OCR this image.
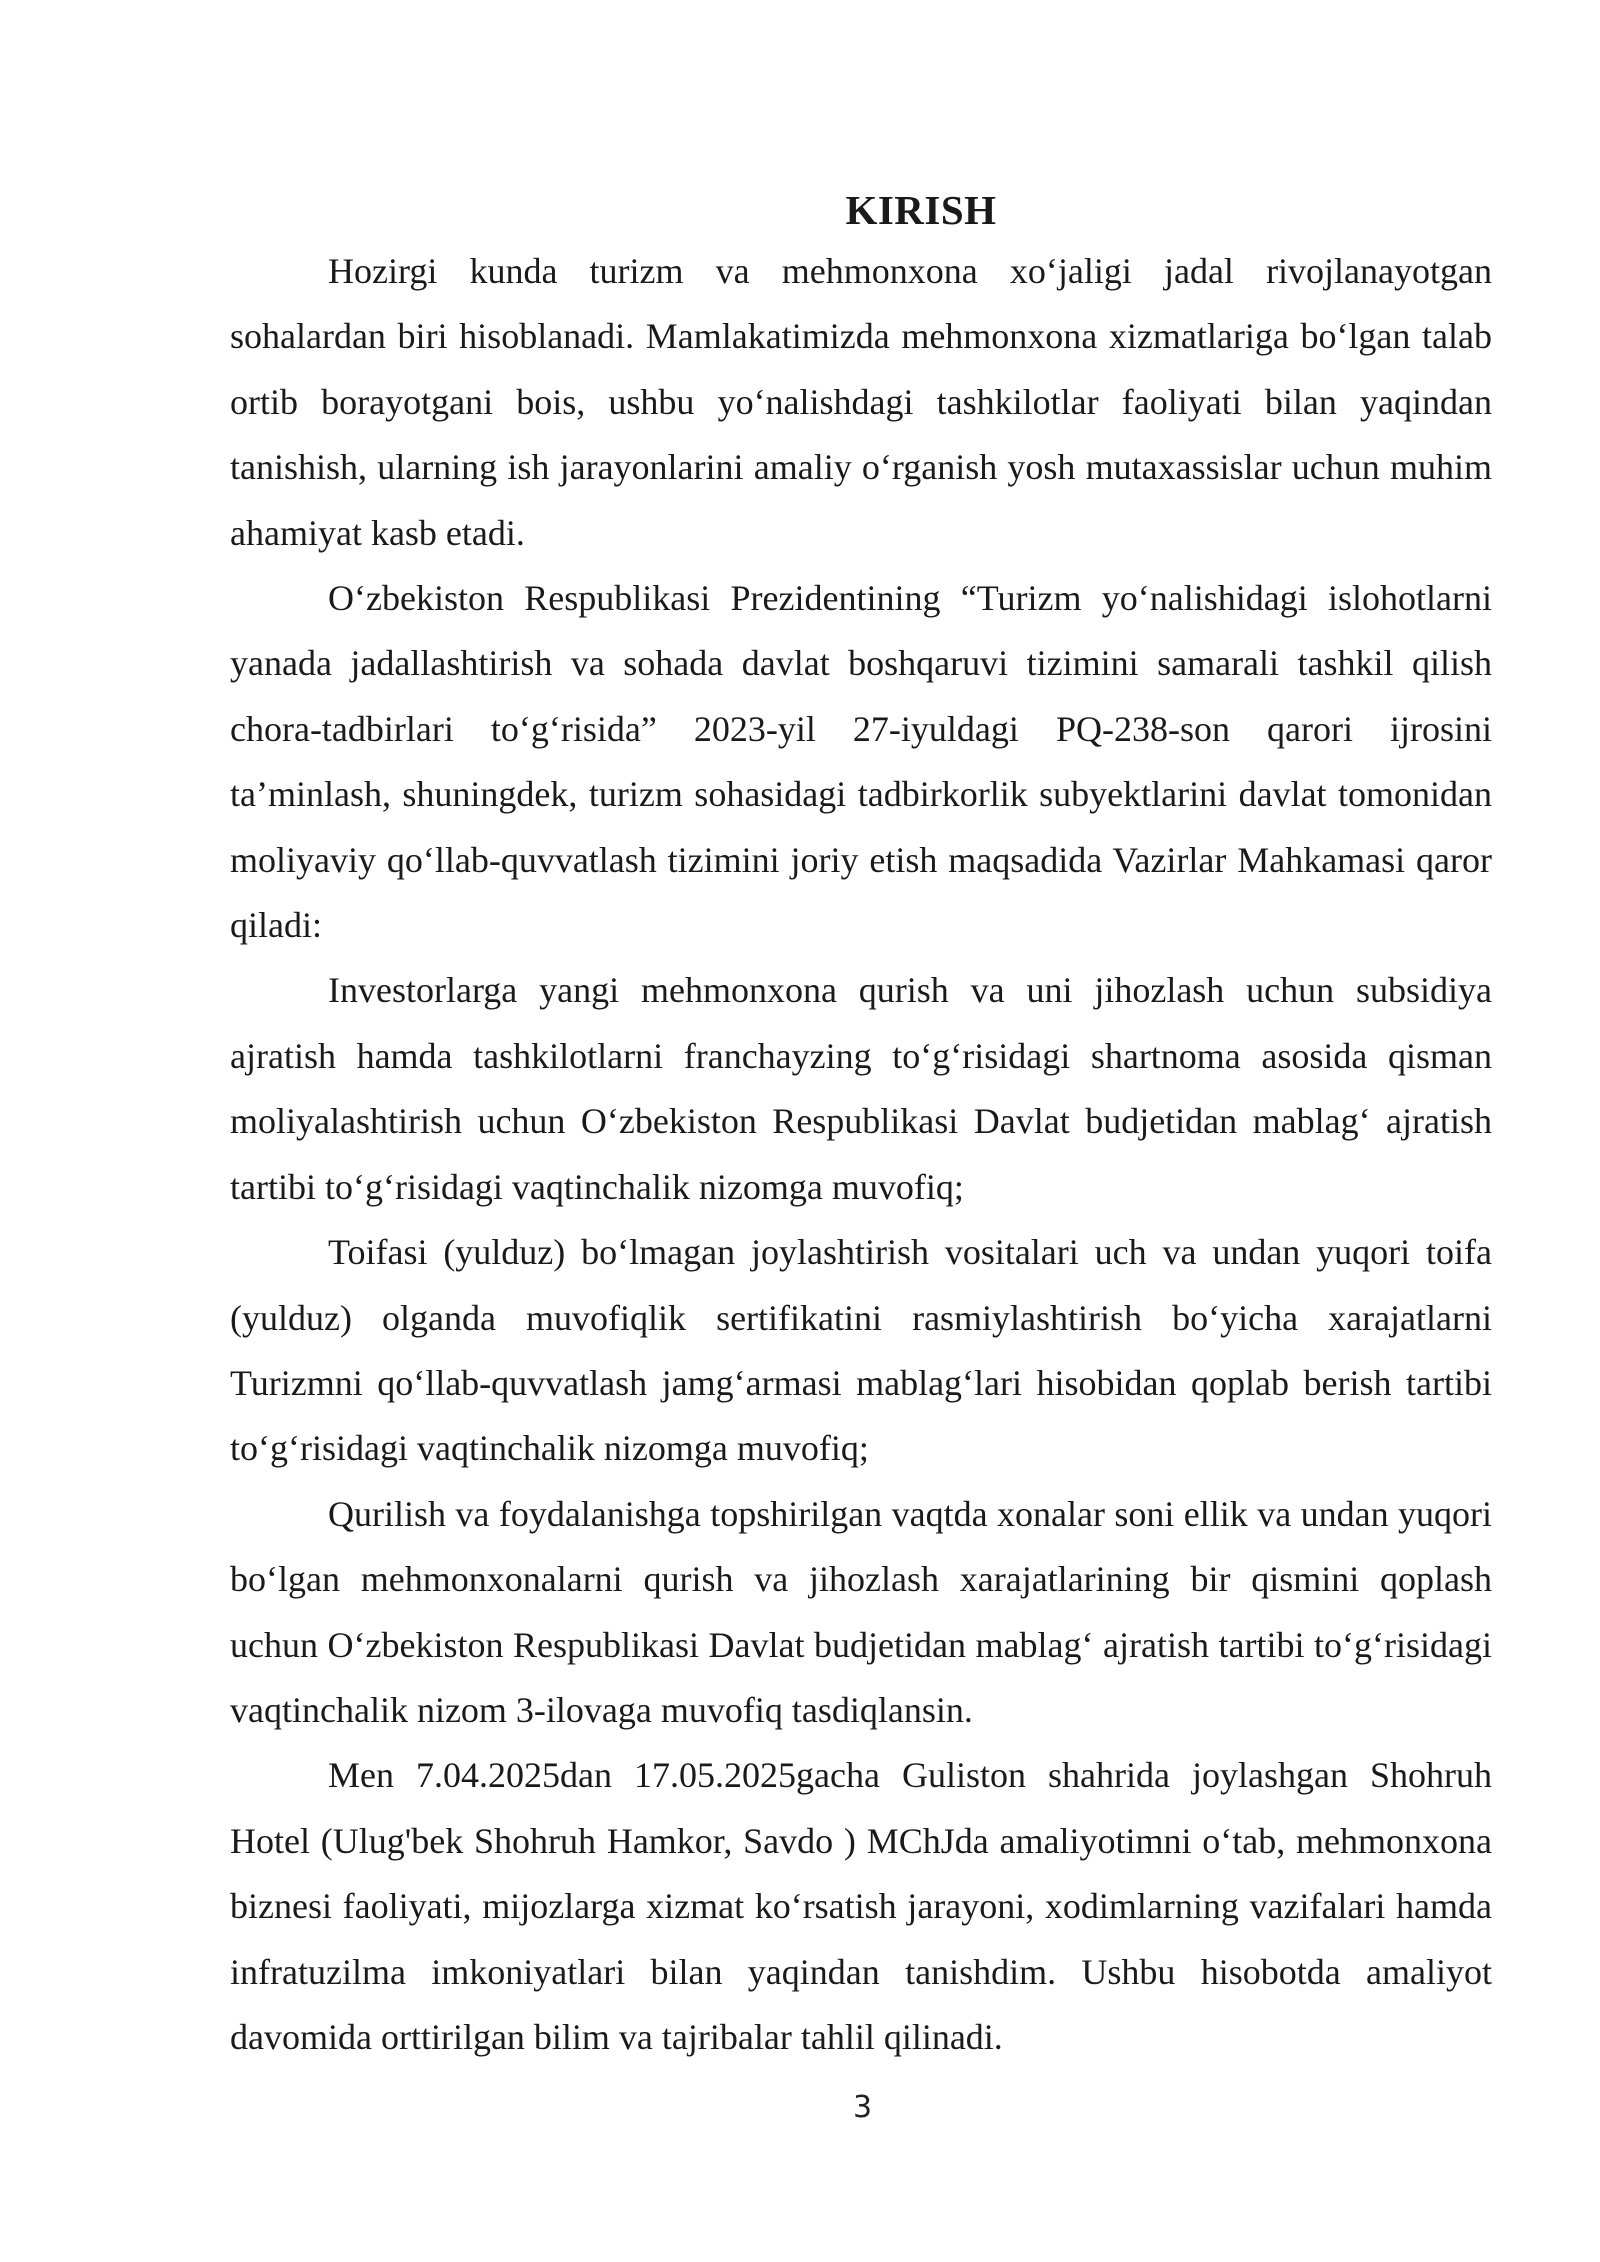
KIRISH

Hozirgi kunda turizm va mehmonxona xo‘jaligi jadal rivojlanayotgan sohalardan biri hisoblanadi. Mamlakatimizda mehmonxona xizmatlariga bo‘lgan talab ortib borayotgani bois, ushbu yo‘nalishdagi tashkilotlar faoliyati bilan yaqindan tanishish, ularning ish jarayonlarini amaliy o‘rganish yosh mutaxassislar uchun muhim ahamiyat kasb etadi.

O‘zbekiston Respublikasi Prezidentining “Turizm yo‘nalishidagi islohotlarni yanada jadallashtirish va sohada davlat boshqaruvi tizimini samarali tashkil qilish chora-tadbirlari to‘g‘risida” 2023-yil 27-iyuldagi PQ-238-son qarori ijrosini ta’minlash, shuningdek, turizm sohasidagi tadbirkorlik subyektlarini davlat tomonidan moliyaviy qo‘llab-quvvatlash tizimini joriy etish maqsadida Vazirlar Mahkamasi qaror qiladi:

Investorlarga yangi mehmonxona qurish va uni jihozlash uchun subsidiya ajratish hamda tashkilotlarni franchayzing to‘g‘risidagi shartnoma asosida qisman moliyalashtirish uchun O‘zbekiston Respublikasi Davlat budjetidan mablag‘ ajratish tartibi to‘g‘risidagi vaqtinchalik nizomga muvofiq;

Toifasi (yulduz) bo‘lmagan joylashtirish vositalari uch va undan yuqori toifa (yulduz) olganda muvofiqlik sertifikatini rasmiylashtirish bo‘yicha xarajatlarni Turizmni qo‘llab-quvvatlash jamg‘armasi mablag‘lari hisobidan qoplab berish tartibi to‘g‘risidagi vaqtinchalik nizomga muvofiq;

Qurilish va foydalanishga topshirilgan vaqtda xonalar soni ellik va undan yuqori bo‘lgan mehmonxonalarni qurish va jihozlash xarajatlarining bir qismini qoplash uchun O‘zbekiston Respublikasi Davlat budjetidan mablag‘ ajratish tartibi to‘g‘risidagi vaqtinchalik nizom 3-ilovaga muvofiq tasdiqlansin.

Men 7.04.2025dan 17.05.2025gacha Guliston shahrida joylashgan Shohruh Hotel (Ulug'bek Shohruh Hamkor, Savdo ) MChJda amaliyotimni o‘tab, mehmonxona biznesi faoliyati, mijozlarga xizmat ko‘rsatish jarayoni, xodimlarning vazifalari hamda infratuzilma imkoniyatlari bilan yaqindan tanishdim. Ushbu hisobotda amaliyot davomida orttirilgan bilim va tajribalar tahlil qilinadi.

3
